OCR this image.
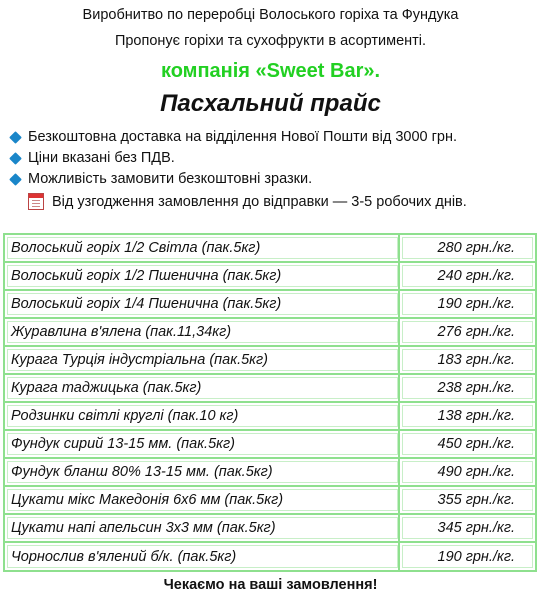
Виробнитво по переробці Волоського горіха та Фундука
Пропонує горіхи та сухофрукти в асортименті.
компанія «Sweet Bar».
Пасхальний прайс
Безкоштовна доставка на відділення Нової Пошти від 3000 грн.
Ціни вказані без ПДВ.
Можливість замовити безкоштовні зразки.
Від узгодження замовлення до відправки — 3-5 робочих днів.
Волоський горіх 1/2 Світла (пак.5кг)	280 грн./кг.
Волоський горіх 1/2 Пшенична (пак.5кг)	240 грн./кг.
Волоський горіх 1/4 Пшенична (пак.5кг)	190 грн./кг.
Журавлина в'ялена (пак.11,34кг)	276 грн./кг.
Курага Турція індустріальна (пак.5кг)	183 грн./кг.
Курага таджицька (пак.5кг)	238 грн./кг.
Родзинки світлі круглі (пак.10 кг)	138 грн./кг.
Фундук сирий 13-15 мм. (пак.5кг)	450 грн./кг.
Фундук бланш 80% 13-15 мм. (пак.5кг)	490 грн./кг.
Цукати мікс Македонія 6х6 мм (пак.5кг)	355 грн./кг.
Цукати напі апельсин 3х3 мм (пак.5кг)	345 грн./кг.
Чорнослив в'ялений б/к. (пак.5кг)	190 грн./кг.
Чекаємо на ваші замовлення!
